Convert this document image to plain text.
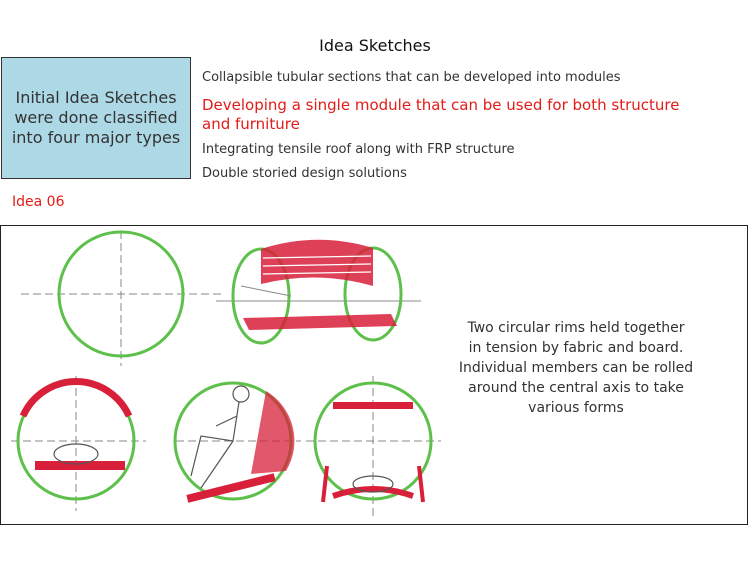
Idea Sketches
Initial Idea Sketches were done classified into four major types

Collapsible tubular sections that can be developed into modules

Developing a single module that can be used for both structure and furniture

Integrating tensile roof along with FRP structure

Double storied design solutions

Idea 06
Two circular rims held together
in tension by fabric and board.
Individual members can be rolled
around the central axis to take
various forms
